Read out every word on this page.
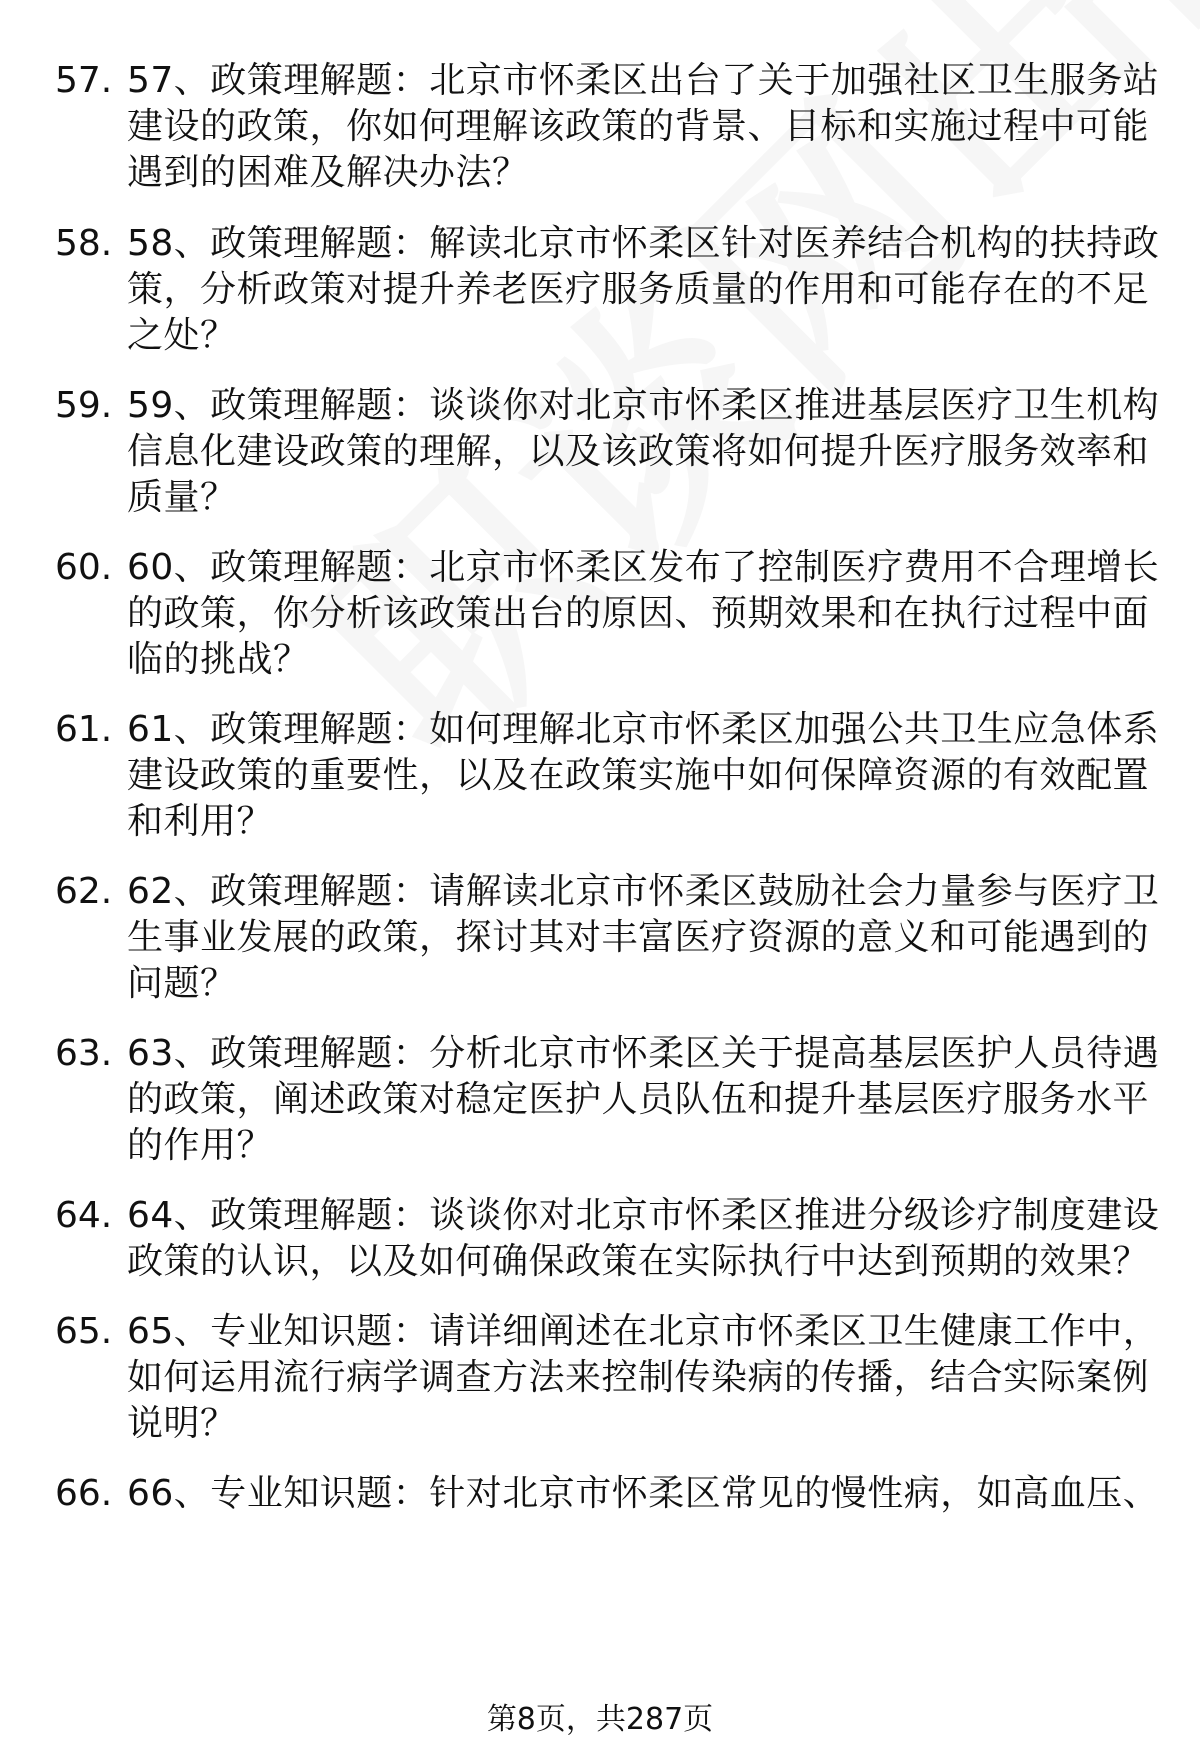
57. 57、政策理解题：北京市怀柔区出台了关于加强社区卫生服务站
建设的政策，你如何理解该政策的背景、目标和实施过程中可能
遇到的困难及解决办法？
58. 58、政策理解题：解读北京市怀柔区针对医养结合机构的扶持政
策，分析政策对提升养老医疗服务质量的作用和可能存在的不足
之处？
59. 59、政策理解题：谈谈你对北京市怀柔区推进基层医疗卫生机构
信息化建设政策的理解，以及该政策将如何提升医疗服务效率和
质量？
60. 60、政策理解题：北京市怀柔区发布了控制医疗费用不合理增长
的政策，你分析该政策出台的原因、预期效果和在执行过程中面
临的挑战？
61. 61、政策理解题：如何理解北京市怀柔区加强公共卫生应急体系
建设政策的重要性，以及在政策实施中如何保障资源的有效配置
和利用？
62. 62、政策理解题：请解读北京市怀柔区鼓励社会力量参与医疗卫
生事业发展的政策，探讨其对丰富医疗资源的意义和可能遇到的
问题？
63. 63、政策理解题：分析北京市怀柔区关于提高基层医护人员待遇
的政策，阐述政策对稳定医护人员队伍和提升基层医疗服务水平
的作用？
64. 64、政策理解题：谈谈你对北京市怀柔区推进分级诊疗制度建设
政策的认识，以及如何确保政策在实际执行中达到预期的效果？
65. 65、专业知识题：请详细阐述在北京市怀柔区卫生健康工作中，
如何运用流行病学调查方法来控制传染病的传播，结合实际案例
说明？
66. 66、专业知识题：针对北京市怀柔区常见的慢性病，如高血压、
第8页，共287页
